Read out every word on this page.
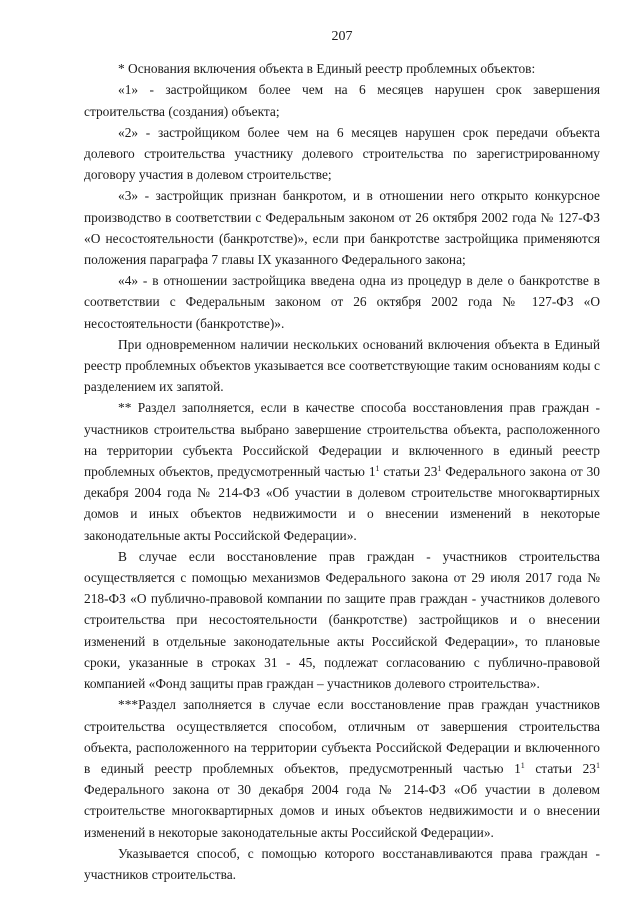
207

* Основания включения объекта в Единый реестр проблемных объектов:

«1» - застройщиком более чем на 6 месяцев нарушен срок завершения строительства (создания) объекта;

«2» - застройщиком более чем на 6 месяцев нарушен срок передачи объекта долевого строительства участнику долевого строительства по зарегистрированному договору участия в долевом строительстве;

«3» - застройщик признан банкротом, и в отношении него открыто конкурсное производство в соответствии с Федеральным законом от 26 октября 2002 года № 127-ФЗ «О несостоятельности (банкротстве)», если при банкротстве застройщика применяются положения параграфа 7 главы IX указанного Федерального закона;

«4» - в отношении застройщика введена одна из процедур в деле о банкротстве в соответствии с Федеральным законом от 26 октября 2002 года № 127-ФЗ «О несостоятельности (банкротстве)».

При одновременном наличии нескольких оснований включения объекта в Единый реестр проблемных объектов указывается все соответствующие таким основаниям коды с разделением их запятой.

** Раздел заполняется, если в качестве способа восстановления прав граждан - участников строительства выбрано завершение строительства объекта, расположенного на территории субъекта Российской Федерации и включенного в единый реестр проблемных объектов, предусмотренный частью $1^1$ статьи $23^1$ Федерального закона от 30 декабря 2004 года № 214-ФЗ «Об участии в долевом строительстве многоквартирных домов и иных объектов недвижимости и о внесении изменений в некоторые законодательные акты Российской Федерации».

В случае если восстановление прав граждан - участников строительства осуществляется с помощью механизмов Федерального закона от 29 июля 2017 года № 218-ФЗ «О публично-правовой компании по защите прав граждан - участников долевого строительства при несостоятельности (банкротстве) застройщиков и о внесении изменений в отдельные законодательные акты Российской Федерации», то плановые сроки, указанные в строках 31 - 45, подлежат согласованию с публично-правовой компанией «Фонд защиты прав граждан – участников долевого строительства».

***Раздел заполняется в случае если восстановление прав граждан участников строительства осуществляется способом, отличным от завершения строительства объекта, расположенного на территории субъекта Российской Федерации и включенного в единый реестр проблемных объектов, предусмотренный частью $1^1$ статьи $23^1$ Федерального закона от 30 декабря 2004 года № 214-ФЗ «Об участии в долевом строительстве многоквартирных домов и иных объектов недвижимости и о внесении изменений в некоторые законодательные акты Российской Федерации».

Указывается способ, с помощью которого восстанавливаются права граждан - участников строительства.
